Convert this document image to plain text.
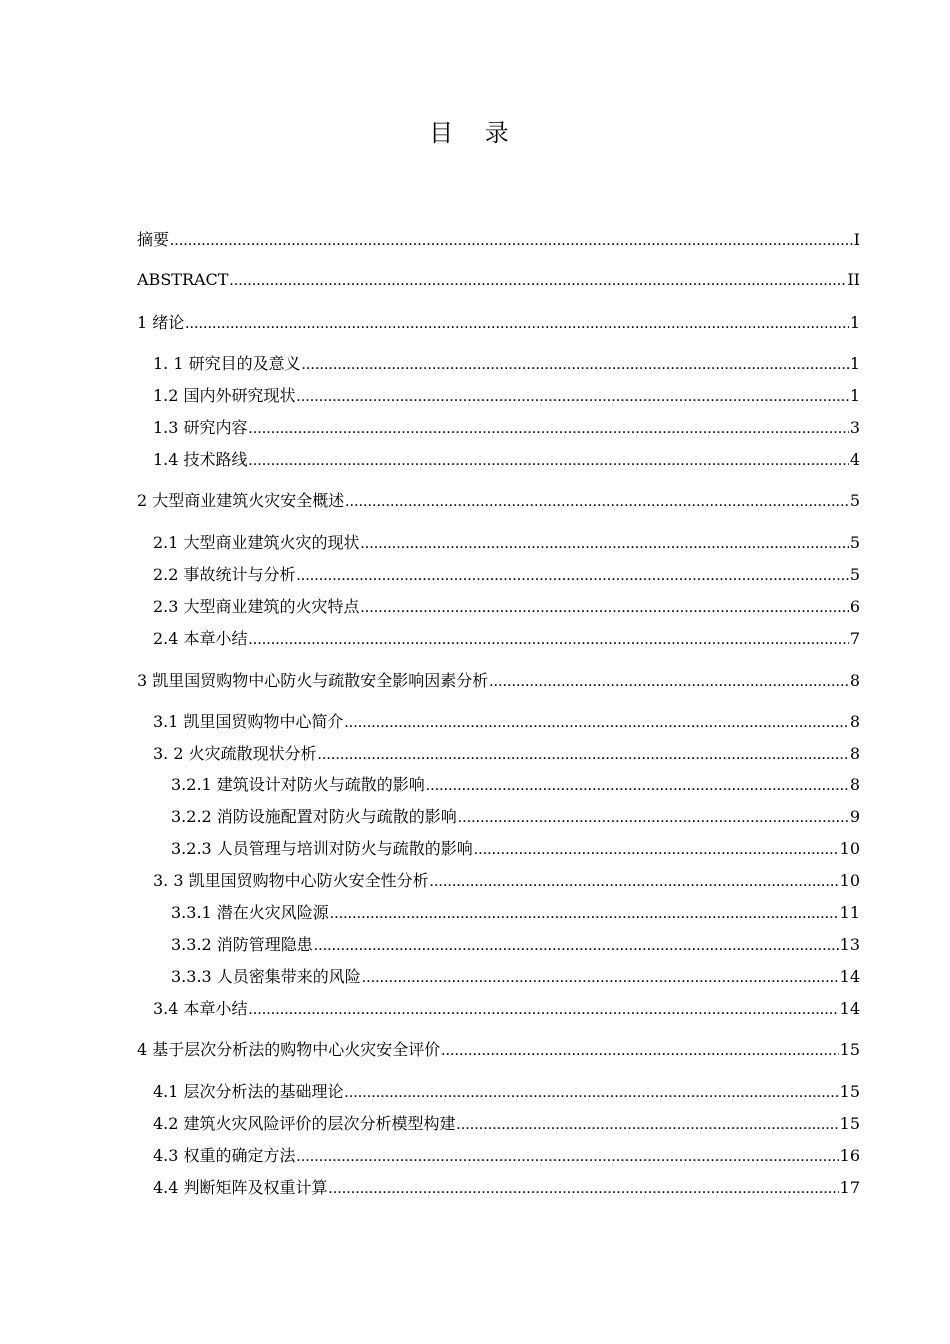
目 录
摘要 .....	I
ABSTRACT .....	II
1 绪论 .....	1
1. 1 研究目的及意义 .....	1
1.2 国内外研究现状 .....	1
1.3 研究内容 .....	3
1.4 技术路线 .....	4
2 大型商业建筑火灾安全概述 .....	5
2.1 大型商业建筑火灾的现状 .....	5
2.2 事故统计与分析 .....	5
2.3 大型商业建筑的火灾特点 .....	6
2.4 本章小结 .....	7
3 凯里国贸购物中心防火与疏散安全影响因素分析 .....	8
3.1 凯里国贸购物中心简介 .....	8
3. 2 火灾疏散现状分析 .....	8
3.2.1 建筑设计对防火与疏散的影响 .....	8
3.2.2 消防设施配置对防火与疏散的影响 .....	9
3.2.3 人员管理与培训对防火与疏散的影响 .....	10
3. 3 凯里国贸购物中心防火安全性分析 .....	10
3.3.1 潜在火灾风险源 .....	11
3.3.2 消防管理隐患 .....	13
3.3.3 人员密集带来的风险 .....	14
3.4 本章小结 .....	14
4 基于层次分析法的购物中心火灾安全评价 .....	15
4.1 层次分析法的基础理论 .....	15
4.2 建筑火灾风险评价的层次分析模型构建 .....	15
4.3 权重的确定方法 .....	16
4.4 判断矩阵及权重计算 .....	17
